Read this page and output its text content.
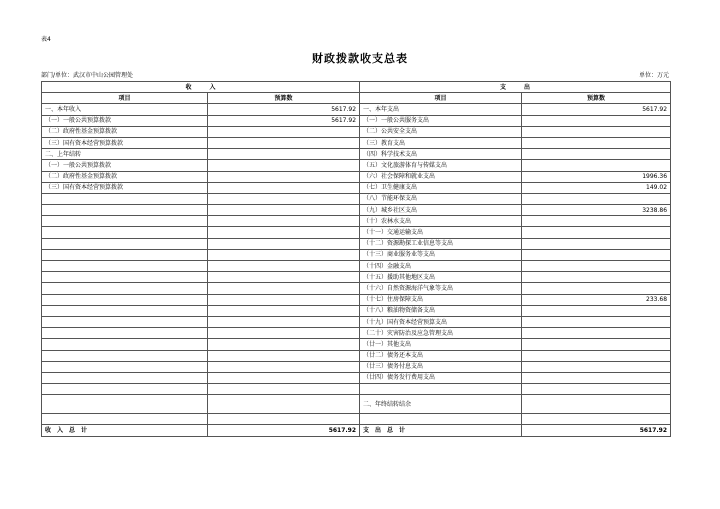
表4
财政拨款收支总表
部门/单位：武汉市中山公园管理处	单位：万元
收　　　入		支　　　出	
项目	预算数	项目	预算数
一、本年收入	5617.92	一、本年支出	5617.92
（一）一般公共预算拨款	5617.92	（一）一般公共服务支出	
（二）政府性基金预算拨款		（二）公共安全支出	
（三）国有资本经营预算拨款		（三）教育支出	
二、上年结转		（四）科学技术支出	
（一）一般公共预算拨款		（五）文化旅游体育与传媒支出	
（二）政府性基金预算拨款		（六）社会保障和就业支出	1996.36
（三）国有资本经营预算拨款		（七）卫生健康支出	149.02
		（八）节能环保支出	
		（九）城乡社区支出	3238.86
		（十）农林水支出	
		（十一）交通运输支出	
		（十二）资源勘探工业信息等支出	
		（十三）商业服务业等支出	
		（十四）金融支出	
		（十五）援助其他地区支出	
		（十六）自然资源海洋气象等支出	
		（十七）住房保障支出	233.68
		（十八）粮油物资储备支出	
		（十九）国有资本经营预算支出	
		（二十）灾害防治及应急管理支出	
		（廿一）其他支出	
		（廿二）债务还本支出	
		（廿三）债务付息支出	
		（廿四）债务发行费用支出	

		二、年终结转结余	

收　入　总　计	5617.92	支　出　总　计	5617.92
